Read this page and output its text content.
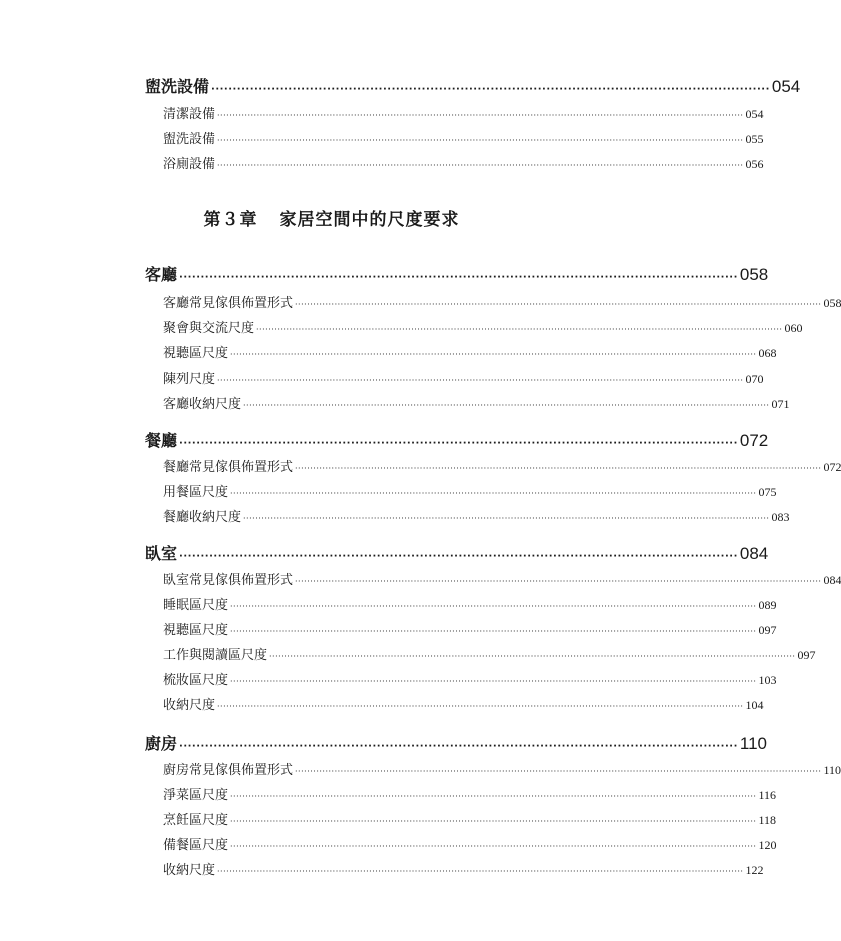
盥洗設備 ·································································································································· 054
清潔設備 ············································································································································································· 054
盥洗設備 ············································································································································································· 055
浴廁設備 ············································································································································································· 056
第３章 家居空間中的尺度要求
客廳 ·································································································································· 058
客廳常見傢俱佈置形式 ············································································································································································· 058
聚會與交流尺度 ············································································································································································· 060
視聽區尺度 ············································································································································································· 068
陳列尺度 ············································································································································································· 070
客廳收納尺度 ············································································································································································· 071
餐廳 ·································································································································· 072
餐廳常見傢俱佈置形式 ············································································································································································· 072
用餐區尺度 ············································································································································································· 075
餐廳收納尺度 ············································································································································································· 083
臥室 ·································································································································· 084
臥室常見傢俱佈置形式 ············································································································································································· 084
睡眠區尺度 ············································································································································································· 089
視聽區尺度 ············································································································································································· 097
工作與閱讀區尺度 ············································································································································································· 097
梳妝區尺度 ············································································································································································· 103
收納尺度 ············································································································································································· 104
廚房 ·································································································································· 110
廚房常見傢俱佈置形式 ············································································································································································· 110
淨菜區尺度 ············································································································································································· 116
烹飪區尺度 ············································································································································································· 118
備餐區尺度 ············································································································································································· 120
收納尺度 ············································································································································································· 122
